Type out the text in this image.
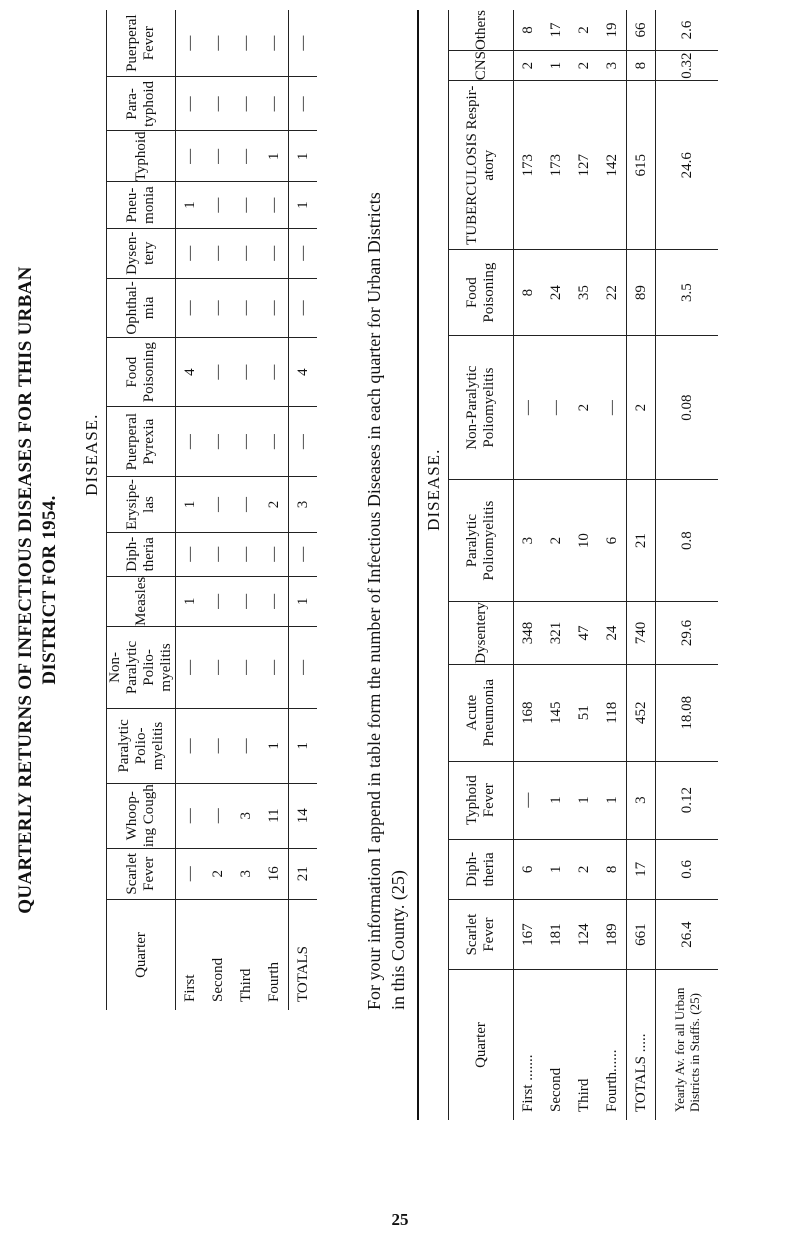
QUARTERLY RETURNS OF INFECTIOUS DISEASES FOR THIS URBAN DISTRICT FOR 1954.
	DISEASE.														
Quarter	Scarlet Fever	Whoop-ing Cough	Paralytic Polio-myelitis	Non-Paralytic Polio-myelitis	Measles	Diph-theria	Erysipe-las	Puerperal Pyrexia	Food Poisoning	Ophthal-mia	Dysen-tery	Pneu-monia	Typhoid	Para-typhoid	Puerperal Fever
First	—	—	—	—	1	—	1	—	4	—	—	1	—	—	—
Second	2	—	—	—	—	—	—	—	—	—	—	—	—	—	—
Third	3	3	—	—	—	—	—	—	—	—	—	—	—	—	—
Fourth	16	11	1	—	—	—	2	—	—	—	—	—	1	—	—
TOTALS	21	14	1	—	1	—	3	—	4	—	—	1	1	—	—
For your information I append in table form the number of Infectious Diseases in each quarter for Urban Districts in this County. (25)
	DISEASE.										
Quarter	Scarlet Fever	Diph-theria	Typhoid Fever	Acute Pneumonia	Dysentery	Paralytic Poliomyelitis	Non-Paralytic Poliomyelitis	Food Poisoning	TUBERCULOSIS Respir-atory	CNS	Others
First .......	167	6	—	168	348	3	—	8	173	2	8
Second	181	1	1	145	321	2	—	24	173	1	17
Third	124	2	1	51	47	10	2	35	127	2	2
Fourth......	189	8	1	118	24	6	—	22	142	3	19
TOTALS .....	661	17	3	452	740	21	2	89	615	8	66
Yearly Av. for all Urban Districts in Staffs. (25)	26.4	0.6	0.12	18.08	29.6	0.8	0.08	3.5	24.6	0.32	2.6
25
